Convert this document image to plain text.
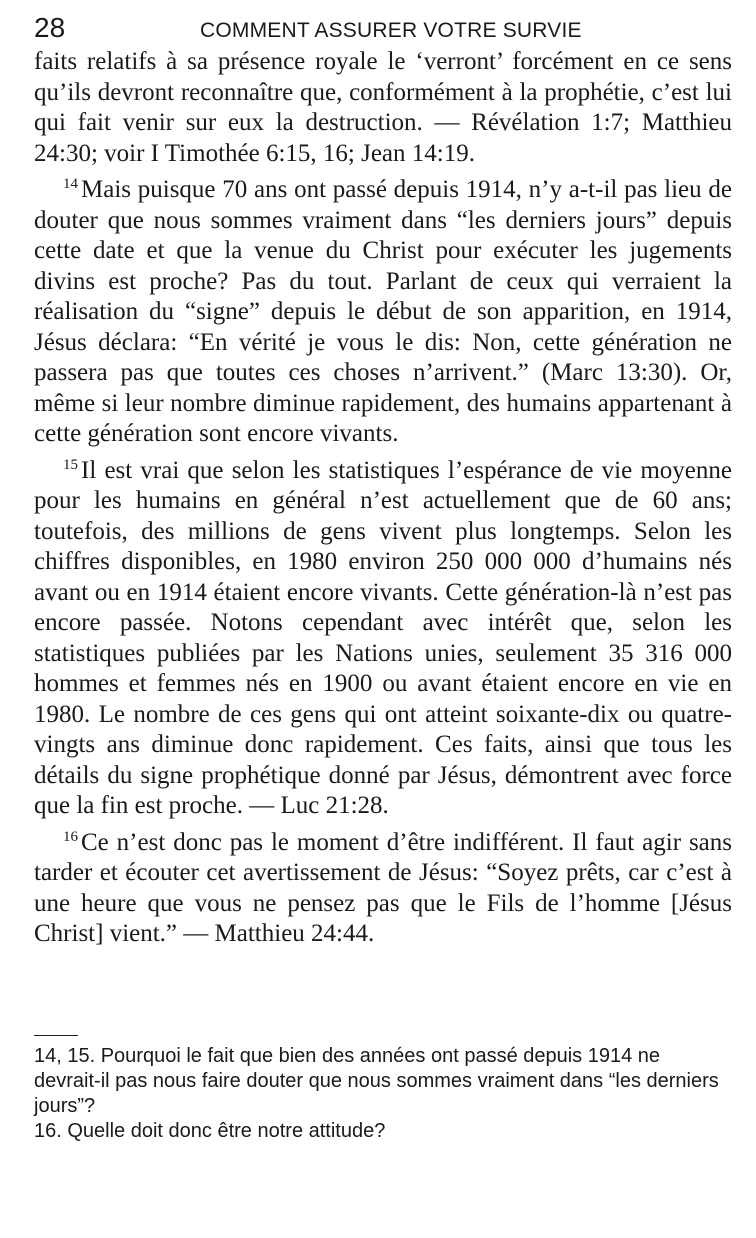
28	COMMENT ASSURER VOTRE SURVIE

faits relatifs à sa présence royale le ‘verront’ forcément en ce sens qu’ils devront reconnaître que, conformément à la prophétie, c’est lui qui fait venir sur eux la destruction. — Révélation 1:7; Matthieu 24:30; voir I Timothée 6:15, 16; Jean 14:19.

$^{14}$ Mais puisque 70 ans ont passé depuis 1914, n’y a-t-il pas lieu de douter que nous sommes vraiment dans “les derniers jours” depuis cette date et que la venue du Christ pour exécuter les jugements divins est proche? Pas du tout. Parlant de ceux qui verraient la réalisation du “signe” depuis le début de son apparition, en 1914, Jésus déclara: “En vérité je vous le dis: Non, cette génération ne passera pas que toutes ces choses n’arrivent.” (Marc 13:30). Or, même si leur nombre diminue rapidement, des humains appartenant à cette génération sont encore vivants.

$^{15}$ Il est vrai que selon les statistiques l’espérance de vie moyenne pour les humains en général n’est actuellement que de 60 ans; toutefois, des millions de gens vivent plus longtemps. Selon les chiffres disponibles, en 1980 environ 250 000 000 d’humains nés avant ou en 1914 étaient encore vivants. Cette génération-là n’est pas encore passée. Notons cependant avec intérêt que, selon les statistiques publiées par les Nations unies, seulement 35 316 000 hommes et femmes nés en 1900 ou avant étaient encore en vie en 1980. Le nombre de ces gens qui ont atteint soixante-dix ou quatre-vingts ans diminue donc rapidement. Ces faits, ainsi que tous les détails du signe prophétique donné par Jésus, démontrent avec force que la fin est proche. — Luc 21:28.

$^{16}$ Ce n’est donc pas le moment d’être indifférent. Il faut agir sans tarder et écouter cet avertissement de Jésus: “Soyez prêts, car c’est à une heure que vous ne pensez pas que le Fils de l’homme [Jésus Christ] vient.” — Matthieu 24:44.

14, 15. Pourquoi le fait que bien des années ont passé depuis 1914 ne devrait-il pas nous faire douter que nous sommes vraiment dans “les derniers jours”?

16. Quelle doit donc être notre attitude?
